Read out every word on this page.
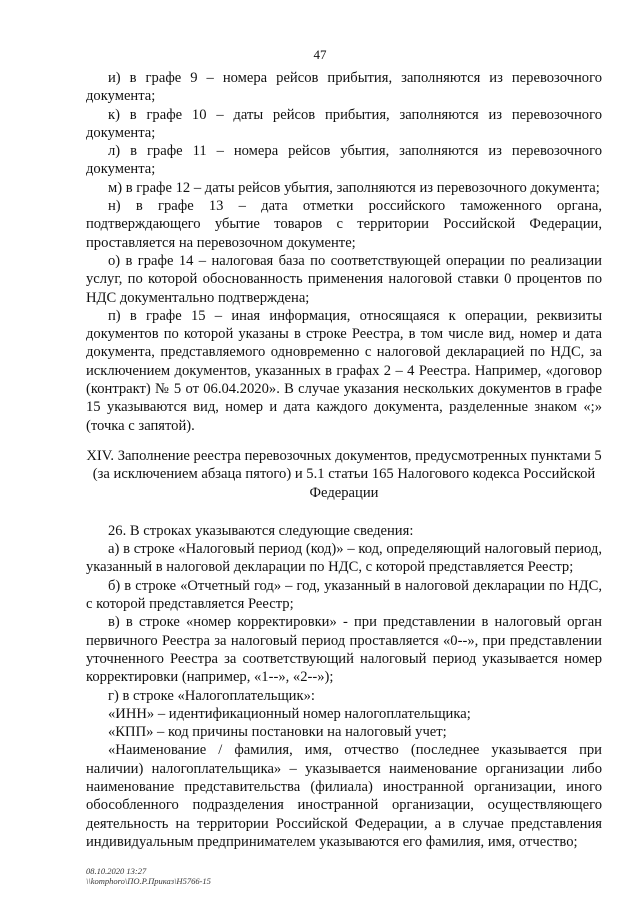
47

и) в графе 9 – номера рейсов прибытия, заполняются из перевозочного документа;

к) в графе 10 – даты рейсов прибытия, заполняются из перевозочного документа;

л) в графе 11 – номера рейсов убытия, заполняются из перевозочного документа;

м) в графе 12 – даты рейсов убытия, заполняются из перевозочного документа;

н) в графе 13 – дата отметки российского таможенного органа, подтверждающего убытие товаров с территории Российской Федерации, проставляется на перевозочном документе;

о) в графе 14 – налоговая база по соответствующей операции по реализации услуг, по которой обоснованность применения налоговой ставки 0 процентов по НДС документально подтверждена;

п) в графе 15 – иная информация, относящаяся к операции, реквизиты документов по которой указаны в строке Реестра, в том числе вид, номер и дата документа, представляемого одновременно с налоговой декларацией по НДС, за исключением документов, указанных в графах 2 – 4 Реестра. Например, «договор (контракт) № 5 от 06.04.2020». В случае указания нескольких документов в графе 15 указываются вид, номер и дата каждого документа, разделенные знаком «;» (точка с запятой).

XIV. Заполнение реестра перевозочных документов, предусмотренных пунктами 5 (за исключением абзаца пятого) и 5.1 статьи 165 Налогового кодекса Российской Федерации

26. В строках указываются следующие сведения:

а) в строке «Налоговый период (код)» – код, определяющий налоговый период, указанный в налоговой декларации по НДС, с которой представляется Реестр;

б) в строке «Отчетный год» – год, указанный в налоговой декларации по НДС, с которой представляется Реестр;

в) в строке «номер корректировки» - при представлении в налоговый орган первичного Реестра за налоговый период проставляется «0--», при представлении уточненного Реестра за соответствующий налоговый период указывается номер корректировки (например, «1--», «2--»);

г) в строке «Налогоплательщик»:

«ИНН» – идентификационный номер налогоплательщика;

«КПП» – код причины постановки на налоговый учет;

«Наименование / фамилия, имя, отчество (последнее указывается при наличии) налогоплательщика» – указывается наименование организации либо наименование представительства (филиала) иностранной организации, иного обособленного подразделения иностранной организации, осуществляющего деятельность на территории Российской Федерации, а в случае представления индивидуальным предпринимателем указываются его фамилия, имя, отчество;

08.10.2020 13:27
\\komphoro\ПО.Р.Приказ\Н5766-15
